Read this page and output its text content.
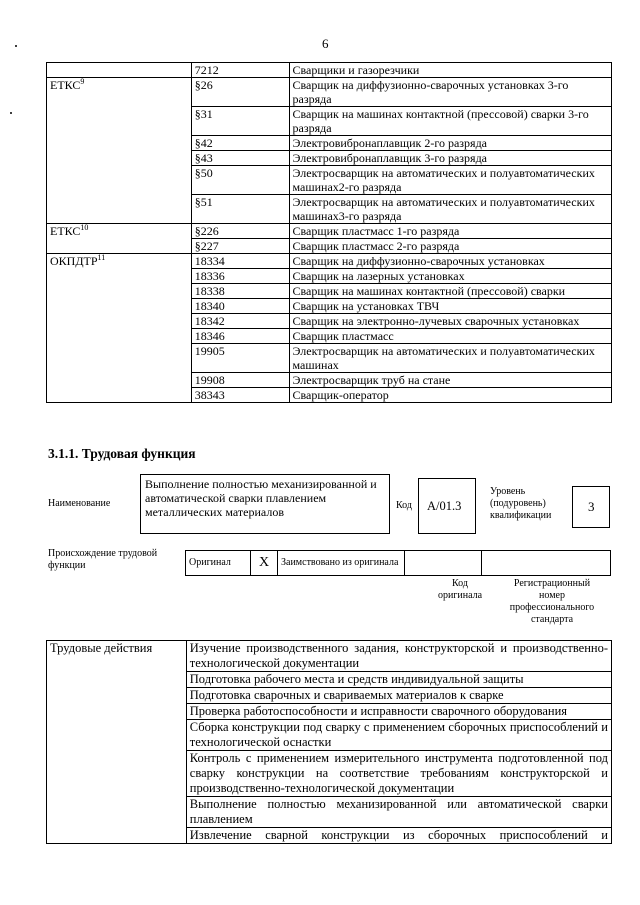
6
	7212	Сварщики и газорезчики
ЕТКС$^9$	§26	Сварщик на диффузионно-сварочных установках 3-го разряда
	§31	Сварщик на машинах контактной (прессовой) сварки 3-го разряда
	§42	Электровибронаплавщик 2-го разряда
	§43	Электровибронаплавщик 3-го разряда
	§50	Электросварщик на автоматических и полуавтоматических машинах2-го разряда
	§51	Электросварщик на автоматических и полуавтоматических машинах3-го разряда
ЕТКС$^{10}$	§226	Сварщик пластмасс 1-го разряда
	§227	Сварщик пластмасс 2-го разряда
ОКПДТР$^{11}$	18334	Сварщик на диффузионно-сварочных установках
	18336	Сварщик на лазерных установках
	18338	Сварщик на машинах контактной (прессовой) сварки
	18340	Сварщик на установках ТВЧ
	18342	Сварщик на электронно-лучевых сварочных установках
	18346	Сварщик пластмасс
	19905	Электросварщик на автоматических и полуавтоматических машинах
	19908	Электросварщик труб на стане
	38343	Сварщик-оператор
3.1.1. Трудовая функция
Наименование
Выполнение полностью механизированной и автоматической сварки плавлением металлических материалов	Код А/01.3
Уровень (подуровень) квалификации
3
Происхождение трудовой функции	Оригинал	X	Заимствовано из оригинала		
Код оригинала
Регистрационный номер профессионального стандарта
Трудовые действия	Изучение производственного задания, конструкторской и производственно-технологической документации
Подготовка рабочего места и средств индивидуальной защиты
Подготовка сварочных и свариваемых материалов к сварке
Проверка работоспособности и исправности сварочного оборудования
Сборка конструкции под сварку с применением сборочных приспособлений и технологической оснастки
Контроль с применением измерительного инструмента подготовленной под сварку конструкции на соответствие требованиям конструкторской и производственно-технологической документации
Выполнение полностью механизированной или автоматической сварки плавлением
Извлечение сварной конструкции из сборочных приспособлений и
